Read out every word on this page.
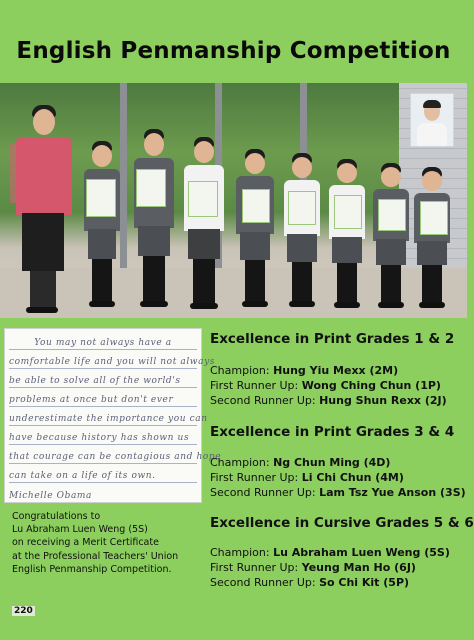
English Penmanship Competition
You may not always have a
comfortable life and you will not always
be able to solve all of the world's
problems at once but don't ever
underestimate the importance you can
have because history has shown us
that courage can be contagious and hope
can take on a life of its own.
Michelle Obama
Congratulations to
Lu Abraham Luen Weng (5S)
on receiving a Merit Certificate
at the Professional Teachers' Union
English Penmanship Competition.
Excellence in Print Grades 1 & 2
Champion: Hung Yiu Mexx (2M)
First Runner Up: Wong Ching Chun (1P)
Second Runner Up: Hung Shun Rexx (2J)
Excellence in Print Grades 3 & 4
Champion: Ng Chun Ming (4D)
First Runner Up: Li Chi Chun (4M)
Second Runner Up: Lam Tsz Yue Anson (3S)
Excellence in Cursive Grades 5 & 6
Champion: Lu Abraham Luen Weng (5S)
First Runner Up: Yeung Man Ho (6J)
Second Runner Up: So Chi Kit (5P)
220
